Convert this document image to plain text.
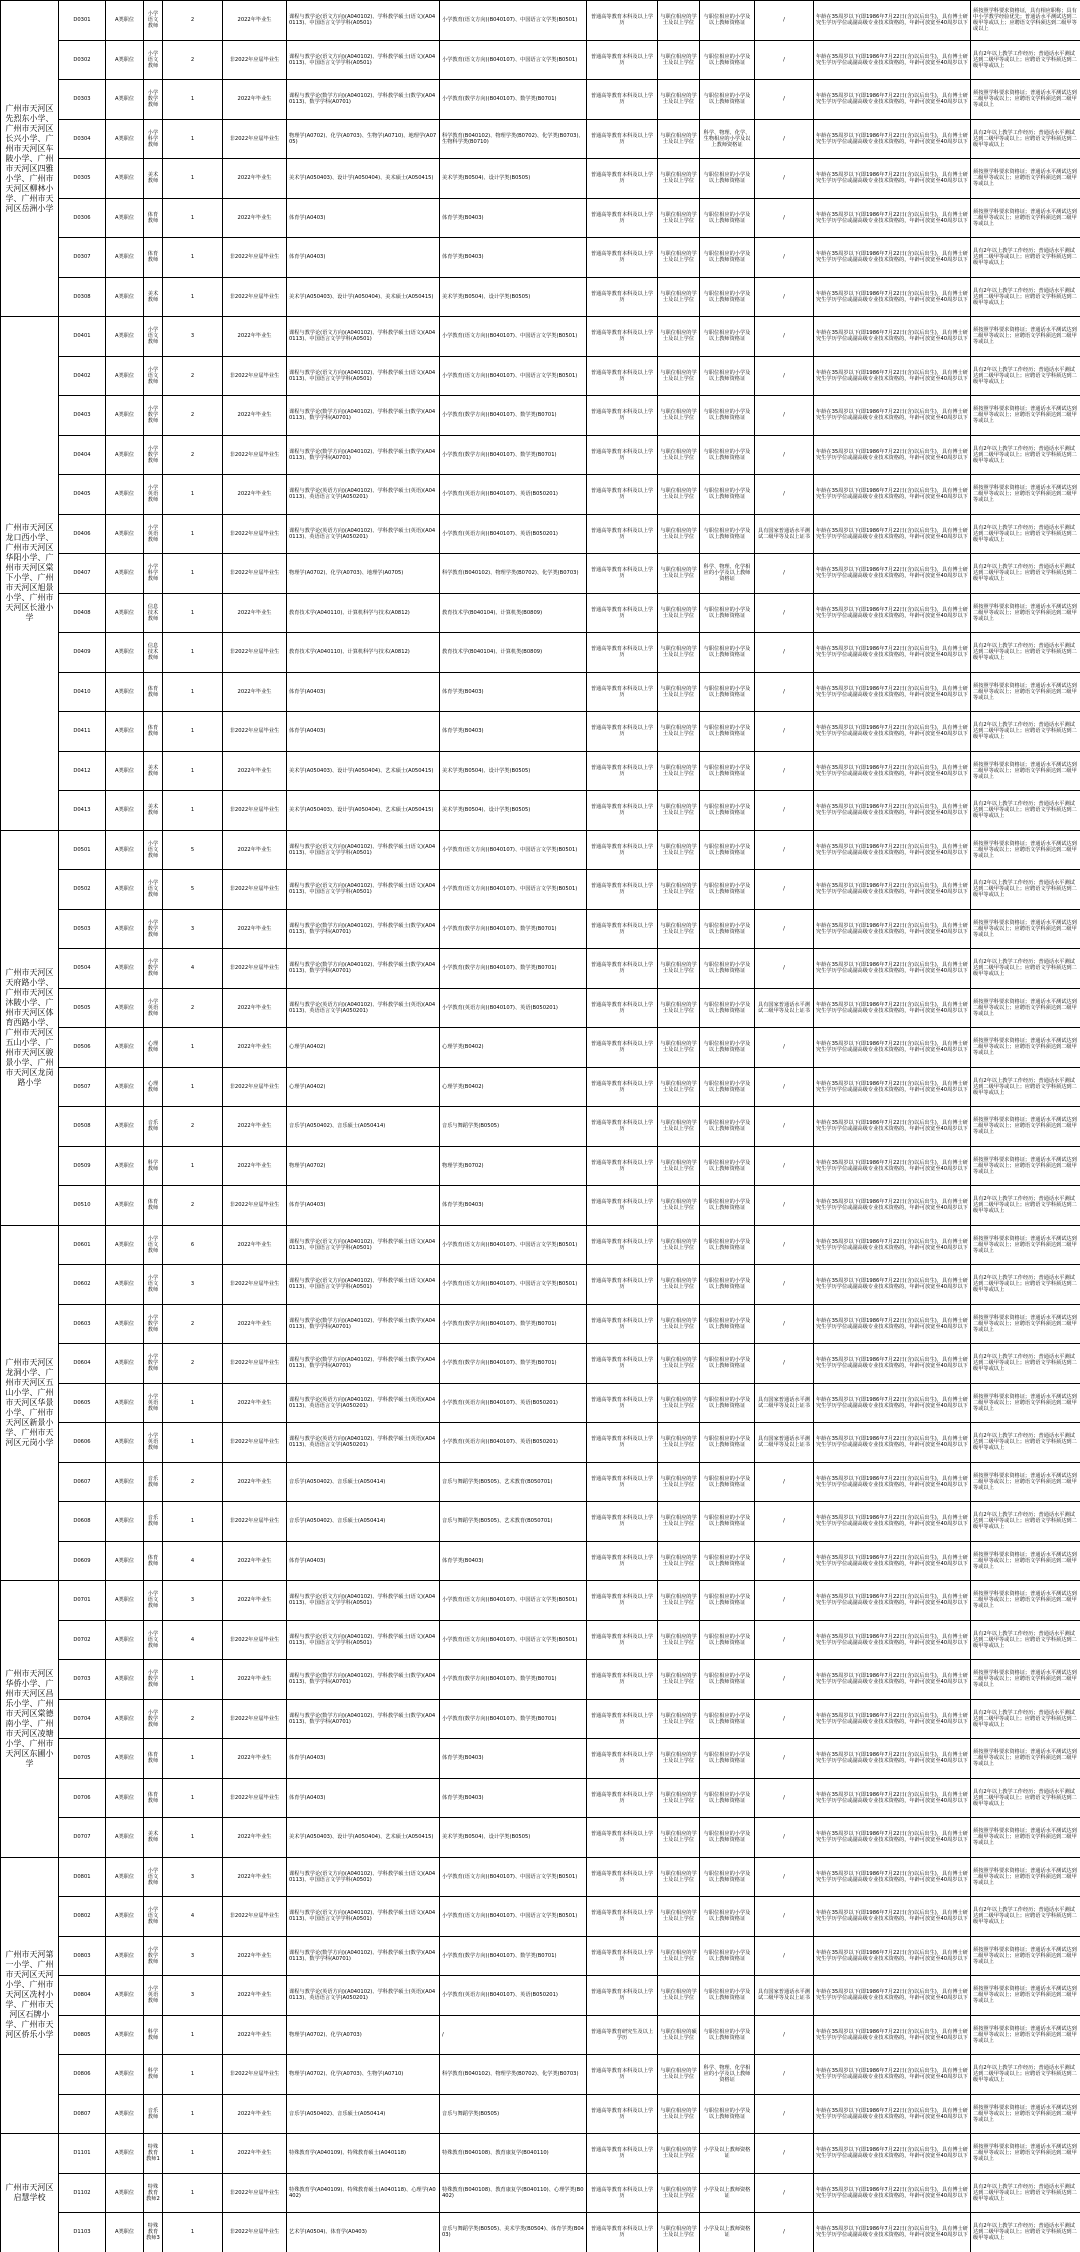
广州市天河区先烈东小学、广州市天河区长兴小学、广州市天河区车陂小学、广州市天河区四雅小学、广州市天河区柳林小学、广州市天河区岳洲小学	D0301	A类职位	小学语文教师	2	2022年毕业生	课程与教学论(语文方向)(A040102)、学科教学硕士(语文)(A040113)、中国语言文学学科(A0501)	小学教育(语文方向)(B040107)、中国语言文学类(B0501)	普通高等教育本科及以上学历	与职位相应的学士及以上学位	与职位相应的小学及以上教师资格证	/	年龄在35周岁以下(即1986年7月22日(含)以后出生)，具有博士研究生学历学位或副高级专业技术资格的，年龄可放宽至40周岁以下	须按照学科要求资格证，具有相应职称；具有中小学教学经验优先；普通话水平测试达到二级甲等或以上；应聘语文学科须达到二级甲等或以上
	D0302	A类职位	小学语文教师	2	非2022年应届毕业生	课程与教学论(语文方向)(A040102)、学科教学硕士(语文)(A040113)、中国语言文学学科(A0501)	小学教育(语文方向)(B040107)、中国语言文学类(B0501)	普通高等教育本科及以上学历	与职位相应的学士及以上学位	与职位相应的小学及以上教师资格证	/	年龄在35周岁以下(即1986年7月22日(含)以后出生)，具有博士研究生学历学位或副高级专业技术资格的，年龄可放宽至40周岁以下	具有2年以上教学工作经历；普通话水平测试达到二级甲等或以上；应聘语文学科须达到二级甲等或以上
	D0303	A类职位	小学数学教师	1	2022年毕业生	课程与教学论(数学方向)(A040102)、学科教学硕士(数学)(A040113)、数学学科(A0701)	小学教育(数学方向)(B040107)、数学类(B0701)	普通高等教育本科及以上学历	与职位相应的学士及以上学位	与职位相应的小学及以上教师资格证	/	年龄在35周岁以下(即1986年7月22日(含)以后出生)，具有博士研究生学历学位或副高级专业技术资格的，年龄可放宽至40周岁以下	须按照学科要求资格证；普通话水平测试达到二级甲等或以上；应聘语文学科须达到二级甲等或以上
	D0304	A类职位	小学科学教师	1	非2022年应届毕业生	物理学(A0702)、化学(A0703)、生物学(A0710)、地理学(A0705)	科学教育(B040102)、物理学类(B0702)、化学类(B0703)、生物科学类(B0710)	普通高等教育本科及以上学历	与职位相应的学士及以上学位	科学、物理、化学、生物相应的小学及以上教师资格证	/	年龄在35周岁以下(即1986年7月22日(含)以后出生)，具有博士研究生学历学位或副高级专业技术资格的，年龄可放宽至40周岁以下	具有2年以上教学工作经历；普通话水平测试达到二级甲等或以上；应聘语文学科须达到二级甲等或以上
	D0305	A类职位	美术教师	1	2022年毕业生	美术学(A050403)、设计学(A050404)、美术硕士(A050415)	美术学类(B0504)、设计学类(B0505)	普通高等教育本科及以上学历	与职位相应的学士及以上学位	与职位相应的小学及以上教师资格证	/	年龄在35周岁以下(即1986年7月22日(含)以后出生)，具有博士研究生学历学位或副高级专业技术资格的，年龄可放宽至40周岁以下	须按照学科要求资格证；普通话水平测试达到二级甲等或以上；应聘语文学科须达到二级甲等或以上
	D0306	A类职位	体育教师	1	2022年毕业生	体育学(A0403)	体育学类(B0403)	普通高等教育本科及以上学历	与职位相应的学士及以上学位	与职位相应的小学及以上教师资格证	/	年龄在35周岁以下(即1986年7月22日(含)以后出生)，具有博士研究生学历学位或副高级专业技术资格的，年龄可放宽至40周岁以下	须按照学科要求资格证；普通话水平测试达到二级甲等或以上；应聘语文学科须达到二级甲等或以上
	D0307	A类职位	体育教师	1	非2022年应届毕业生	体育学(A0403)	体育学类(B0403)	普通高等教育本科及以上学历	与职位相应的学士及以上学位	与职位相应的小学及以上教师资格证	/	年龄在35周岁以下(即1986年7月22日(含)以后出生)，具有博士研究生学历学位或副高级专业技术资格的，年龄可放宽至40周岁以下	具有2年以上教学工作经历；普通话水平测试达到二级甲等或以上；应聘语文学科须达到二级甲等或以上
	D0308	A类职位	美术教师	1	非2022年应届毕业生	美术学(A050403)、设计学(A050404)、美术硕士(A050415)	美术学类(B0504)、设计学类(B0505)	普通高等教育本科及以上学历	与职位相应的学士及以上学位	与职位相应的小学及以上教师资格证	/	年龄在35周岁以下(即1986年7月22日(含)以后出生)，具有博士研究生学历学位或副高级专业技术资格的，年龄可放宽至40周岁以下	具有2年以上教学工作经历；普通话水平测试达到二级甲等或以上；应聘语文学科须达到二级甲等或以上
广州市天河区龙口西小学、广州市天河区华阳小学、广州市天河区棠下小学、广州市天河区旭景小学、广州市天河区长湴小学	D0401	A类职位	小学语文教师	3	2022年毕业生	课程与教学论(语文方向)(A040102)、学科教学硕士(语文)(A040113)、中国语言文学学科(A0501)	小学教育(语文方向)(B040107)、中国语言文学类(B0501)	普通高等教育本科及以上学历	与职位相应的学士及以上学位	与职位相应的小学及以上教师资格证	/	年龄在35周岁以下(即1986年7月22日(含)以后出生)，具有博士研究生学历学位或副高级专业技术资格的，年龄可放宽至40周岁以下	须按照学科要求资格证；普通话水平测试达到二级甲等或以上；应聘语文学科须达到二级甲等或以上
	D0402	A类职位	小学语文教师	2	非2022年应届毕业生	课程与教学论(语文方向)(A040102)、学科教学硕士(语文)(A040113)、中国语言文学学科(A0501)	小学教育(语文方向)(B040107)、中国语言文学类(B0501)	普通高等教育本科及以上学历	与职位相应的学士及以上学位	与职位相应的小学及以上教师资格证	/	年龄在35周岁以下(即1986年7月22日(含)以后出生)，具有博士研究生学历学位或副高级专业技术资格的，年龄可放宽至40周岁以下	具有2年以上教学工作经历；普通话水平测试达到二级甲等或以上；应聘语文学科须达到二级甲等或以上
	D0403	A类职位	小学数学教师	2	2022年毕业生	课程与教学论(数学方向)(A040102)、学科教学硕士(数学)(A040113)、数学学科(A0701)	小学教育(数学方向)(B040107)、数学类(B0701)	普通高等教育本科及以上学历	与职位相应的学士及以上学位	与职位相应的小学及以上教师资格证	/	年龄在35周岁以下(即1986年7月22日(含)以后出生)，具有博士研究生学历学位或副高级专业技术资格的，年龄可放宽至40周岁以下	须按照学科要求资格证；普通话水平测试达到二级甲等或以上；应聘语文学科须达到二级甲等或以上
	D0404	A类职位	小学数学教师	2	非2022年应届毕业生	课程与教学论(数学方向)(A040102)、学科教学硕士(数学)(A040113)、数学学科(A0701)	小学教育(数学方向)(B040107)、数学类(B0701)	普通高等教育本科及以上学历	与职位相应的学士及以上学位	与职位相应的小学及以上教师资格证	/	年龄在35周岁以下(即1986年7月22日(含)以后出生)，具有博士研究生学历学位或副高级专业技术资格的，年龄可放宽至40周岁以下	具有2年以上教学工作经历；普通话水平测试达到二级甲等或以上；应聘语文学科须达到二级甲等或以上
	D0405	A类职位	小学英语教师	1	2022年毕业生	课程与教学论(英语方向)(A040102)、学科教学硕士(英语)(A040113)、英语语言文学(A050201)	小学教育(英语方向)(B040107)、英语(B050201)	普通高等教育本科及以上学历	与职位相应的学士及以上学位	与职位相应的小学及以上教师资格证	/	年龄在35周岁以下(即1986年7月22日(含)以后出生)，具有博士研究生学历学位或副高级专业技术资格的，年龄可放宽至40周岁以下	须按照学科要求资格证；普通话水平测试达到二级甲等或以上；应聘语文学科须达到二级甲等或以上
	D0406	A类职位	小学英语教师	1	非2022年应届毕业生	课程与教学论(英语方向)(A040102)、学科教学硕士(英语)(A040113)、英语语言文学(A050201)	小学教育(英语方向)(B040107)、英语(B050201)	普通高等教育本科及以上学历	与职位相应的学士及以上学位	与职位相应的小学及以上教师资格证	具有国家普通话水平测试二级甲等及以上证书	年龄在35周岁以下(即1986年7月22日(含)以后出生)，具有博士研究生学历学位或副高级专业技术资格的，年龄可放宽至40周岁以下	具有2年以上教学工作经历；普通话水平测试达到二级甲等或以上；应聘语文学科须达到二级甲等或以上
	D0407	A类职位	小学科学教师	1	非2022年应届毕业生	物理学(A0702)、化学(A0703)、地理学(A0705)	科学教育(B040102)、物理学类(B0702)、化学类(B0703)	普通高等教育本科及以上学历	与职位相应的学士及以上学位	科学、物理、化学相应的小学及以上教师资格证	/	年龄在35周岁以下(即1986年7月22日(含)以后出生)，具有博士研究生学历学位或副高级专业技术资格的，年龄可放宽至40周岁以下	具有2年以上教学工作经历；普通话水平测试达到二级甲等或以上；应聘语文学科须达到二级甲等或以上
	D0408	A类职位	信息技术教师	1	2022年毕业生	教育技术学(A040110)、计算机科学与技术(A0812)	教育技术学(B040104)、计算机类(B0809)	普通高等教育本科及以上学历	与职位相应的学士及以上学位	与职位相应的小学及以上教师资格证	/	年龄在35周岁以下(即1986年7月22日(含)以后出生)，具有博士研究生学历学位或副高级专业技术资格的，年龄可放宽至40周岁以下	须按照学科要求资格证；普通话水平测试达到二级甲等或以上；应聘语文学科须达到二级甲等或以上
	D0409	A类职位	信息技术教师	1	非2022年应届毕业生	教育技术学(A040110)、计算机科学与技术(A0812)	教育技术学(B040104)、计算机类(B0809)	普通高等教育本科及以上学历	与职位相应的学士及以上学位	与职位相应的小学及以上教师资格证	/	年龄在35周岁以下(即1986年7月22日(含)以后出生)，具有博士研究生学历学位或副高级专业技术资格的，年龄可放宽至40周岁以下	具有2年以上教学工作经历；普通话水平测试达到二级甲等或以上；应聘语文学科须达到二级甲等或以上
	D0410	A类职位	体育教师	1	2022年毕业生	体育学(A0403)	体育学类(B0403)	普通高等教育本科及以上学历	与职位相应的学士及以上学位	与职位相应的小学及以上教师资格证	/	年龄在35周岁以下(即1986年7月22日(含)以后出生)，具有博士研究生学历学位或副高级专业技术资格的，年龄可放宽至40周岁以下	须按照学科要求资格证；普通话水平测试达到二级甲等或以上；应聘语文学科须达到二级甲等或以上
	D0411	A类职位	体育教师	1	非2022年应届毕业生	体育学(A0403)	体育学类(B0403)	普通高等教育本科及以上学历	与职位相应的学士及以上学位	与职位相应的小学及以上教师资格证	/	年龄在35周岁以下(即1986年7月22日(含)以后出生)，具有博士研究生学历学位或副高级专业技术资格的，年龄可放宽至40周岁以下	具有2年以上教学工作经历；普通话水平测试达到二级甲等或以上；应聘语文学科须达到二级甲等或以上
	D0412	A类职位	美术教师	1	2022年毕业生	美术学(A050403)、设计学(A050404)、艺术硕士(A050415)	美术学类(B0504)、设计学类(B0505)	普通高等教育本科及以上学历	与职位相应的学士及以上学位	与职位相应的小学及以上教师资格证	/	年龄在35周岁以下(即1986年7月22日(含)以后出生)，具有博士研究生学历学位或副高级专业技术资格的，年龄可放宽至40周岁以下	须按照学科要求资格证；普通话水平测试达到二级甲等或以上；应聘语文学科须达到二级甲等或以上
	D0413	A类职位	美术教师	1	非2022年应届毕业生	美术学(A050403)、设计学(A050404)、艺术硕士(A050415)	美术学类(B0504)、设计学类(B0505)	普通高等教育本科及以上学历	与职位相应的学士及以上学位	与职位相应的小学及以上教师资格证	/	年龄在35周岁以下(即1986年7月22日(含)以后出生)，具有博士研究生学历学位或副高级专业技术资格的，年龄可放宽至40周岁以下	具有2年以上教学工作经历；普通话水平测试达到二级甲等或以上；应聘语文学科须达到二级甲等或以上
广州市天河区天府路小学、广州市天河区沐陂小学、广州市天河区体育西路小学、广州市天河区五山小学、广州市天河区骏景小学、广州市天河区龙岗路小学	D0501	A类职位	小学语文教师	5	2022年毕业生	课程与教学论(语文方向)(A040102)、学科教学硕士(语文)(A040113)、中国语言文学学科(A0501)	小学教育(语文方向)(B040107)、中国语言文学类(B0501)	普通高等教育本科及以上学历	与职位相应的学士及以上学位	与职位相应的小学及以上教师资格证	/	年龄在35周岁以下(即1986年7月22日(含)以后出生)，具有博士研究生学历学位或副高级专业技术资格的，年龄可放宽至40周岁以下	须按照学科要求资格证；普通话水平测试达到二级甲等或以上；应聘语文学科须达到二级甲等或以上
	D0502	A类职位	小学语文教师	5	非2022年应届毕业生	课程与教学论(语文方向)(A040102)、学科教学硕士(语文)(A040113)、中国语言文学学科(A0501)	小学教育(语文方向)(B040107)、中国语言文学类(B0501)	普通高等教育本科及以上学历	与职位相应的学士及以上学位	与职位相应的小学及以上教师资格证	/	年龄在35周岁以下(即1986年7月22日(含)以后出生)，具有博士研究生学历学位或副高级专业技术资格的，年龄可放宽至40周岁以下	具有2年以上教学工作经历；普通话水平测试达到二级甲等或以上；应聘语文学科须达到二级甲等或以上
	D0503	A类职位	小学数学教师	3	2022年毕业生	课程与教学论(数学方向)(A040102)、学科教学硕士(数学)(A040113)、数学学科(A0701)	小学教育(数学方向)(B040107)、数学类(B0701)	普通高等教育本科及以上学历	与职位相应的学士及以上学位	与职位相应的小学及以上教师资格证	/	年龄在35周岁以下(即1986年7月22日(含)以后出生)，具有博士研究生学历学位或副高级专业技术资格的，年龄可放宽至40周岁以下	须按照学科要求资格证；普通话水平测试达到二级甲等或以上；应聘语文学科须达到二级甲等或以上
	D0504	A类职位	小学数学教师	4	非2022年应届毕业生	课程与教学论(数学方向)(A040102)、学科教学硕士(数学)(A040113)、数学学科(A0701)	小学教育(数学方向)(B040107)、数学类(B0701)	普通高等教育本科及以上学历	与职位相应的学士及以上学位	与职位相应的小学及以上教师资格证	/	年龄在35周岁以下(即1986年7月22日(含)以后出生)，具有博士研究生学历学位或副高级专业技术资格的，年龄可放宽至40周岁以下	具有2年以上教学工作经历；普通话水平测试达到二级甲等或以上；应聘语文学科须达到二级甲等或以上
	D0505	A类职位	小学英语教师	2	2022年毕业生	课程与教学论(英语方向)(A040102)、学科教学硕士(英语)(A040113)、英语语言文学(A050201)	小学教育(英语方向)(B040107)、英语(B050201)	普通高等教育本科及以上学历	与职位相应的学士及以上学位	与职位相应的小学及以上教师资格证	具有国家普通话水平测试二级甲等及以上证书	年龄在35周岁以下(即1986年7月22日(含)以后出生)，具有博士研究生学历学位或副高级专业技术资格的，年龄可放宽至40周岁以下	须按照学科要求资格证；普通话水平测试达到二级甲等或以上；应聘语文学科须达到二级甲等或以上
	D0506	A类职位	心理教师	1	2022年毕业生	心理学(A0402)	心理学类(B0402)	普通高等教育本科及以上学历	与职位相应的学士及以上学位	与职位相应的小学及以上教师资格证	/	年龄在35周岁以下(即1986年7月22日(含)以后出生)，具有博士研究生学历学位或副高级专业技术资格的，年龄可放宽至40周岁以下	须按照学科要求资格证；普通话水平测试达到二级甲等或以上；应聘语文学科须达到二级甲等或以上
	D0507	A类职位	心理教师	1	非2022年应届毕业生	心理学(A0402)	心理学类(B0402)	普通高等教育本科及以上学历	与职位相应的学士及以上学位	与职位相应的小学及以上教师资格证	/	年龄在35周岁以下(即1986年7月22日(含)以后出生)，具有博士研究生学历学位或副高级专业技术资格的，年龄可放宽至40周岁以下	具有2年以上教学工作经历；普通话水平测试达到二级甲等或以上；应聘语文学科须达到二级甲等或以上
	D0508	A类职位	音乐教师	2	2022年毕业生	音乐学(A050402)、音乐硕士(A050414)	音乐与舞蹈学类(B0505)	普通高等教育本科及以上学历	与职位相应的学士及以上学位	与职位相应的小学及以上教师资格证	/	年龄在35周岁以下(即1986年7月22日(含)以后出生)，具有博士研究生学历学位或副高级专业技术资格的，年龄可放宽至40周岁以下	须按照学科要求资格证；普通话水平测试达到二级甲等或以上；应聘语文学科须达到二级甲等或以上
	D0509	A类职位	科学教师	1	2022年毕业生	物理学(A0702)	物理学类(B0702)	普通高等教育本科及以上学历	与职位相应的学士及以上学位	与职位相应的小学及以上教师资格证	/	年龄在35周岁以下(即1986年7月22日(含)以后出生)，具有博士研究生学历学位或副高级专业技术资格的，年龄可放宽至40周岁以下	须按照学科要求资格证；普通话水平测试达到二级甲等或以上；应聘语文学科须达到二级甲等或以上
	D0510	A类职位	体育教师	2	非2022年应届毕业生	体育学(A0403)	体育学类(B0403)	普通高等教育本科及以上学历	与职位相应的学士及以上学位	与职位相应的小学及以上教师资格证	/	年龄在35周岁以下(即1986年7月22日(含)以后出生)，具有博士研究生学历学位或副高级专业技术资格的，年龄可放宽至40周岁以下	具有2年以上教学工作经历；普通话水平测试达到二级甲等或以上；应聘语文学科须达到二级甲等或以上
广州市天河区龙洞小学、广州市天河区五山小学、广州市天河区华景小学、广州市天河区新景小学、广州市天河区元岗小学	D0601	A类职位	小学语文教师	6	2022年毕业生	课程与教学论(语文方向)(A040102)、学科教学硕士(语文)(A040113)、中国语言文学学科(A0501)	小学教育(语文方向)(B040107)、中国语言文学类(B0501)	普通高等教育本科及以上学历	与职位相应的学士及以上学位	与职位相应的小学及以上教师资格证	/	年龄在35周岁以下(即1986年7月22日(含)以后出生)，具有博士研究生学历学位或副高级专业技术资格的，年龄可放宽至40周岁以下	须按照学科要求资格证；普通话水平测试达到二级甲等或以上；应聘语文学科须达到二级甲等或以上
	D0602	A类职位	小学语文教师	3	非2022年应届毕业生	课程与教学论(语文方向)(A040102)、学科教学硕士(语文)(A040113)、中国语言文学学科(A0501)	小学教育(语文方向)(B040107)、中国语言文学类(B0501)	普通高等教育本科及以上学历	与职位相应的学士及以上学位	与职位相应的小学及以上教师资格证	/	年龄在35周岁以下(即1986年7月22日(含)以后出生)，具有博士研究生学历学位或副高级专业技术资格的，年龄可放宽至40周岁以下	具有2年以上教学工作经历；普通话水平测试达到二级甲等或以上；应聘语文学科须达到二级甲等或以上
	D0603	A类职位	小学数学教师	2	2022年毕业生	课程与教学论(数学方向)(A040102)、学科教学硕士(数学)(A040113)、数学学科(A0701)	小学教育(数学方向)(B040107)、数学类(B0701)	普通高等教育本科及以上学历	与职位相应的学士及以上学位	与职位相应的小学及以上教师资格证	/	年龄在35周岁以下(即1986年7月22日(含)以后出生)，具有博士研究生学历学位或副高级专业技术资格的，年龄可放宽至40周岁以下	须按照学科要求资格证；普通话水平测试达到二级甲等或以上；应聘语文学科须达到二级甲等或以上
	D0604	A类职位	小学数学教师	2	非2022年应届毕业生	课程与教学论(数学方向)(A040102)、学科教学硕士(数学)(A040113)、数学学科(A0701)	小学教育(数学方向)(B040107)、数学类(B0701)	普通高等教育本科及以上学历	与职位相应的学士及以上学位	与职位相应的小学及以上教师资格证	/	年龄在35周岁以下(即1986年7月22日(含)以后出生)，具有博士研究生学历学位或副高级专业技术资格的，年龄可放宽至40周岁以下	具有2年以上教学工作经历；普通话水平测试达到二级甲等或以上；应聘语文学科须达到二级甲等或以上
	D0605	A类职位	小学英语教师	1	2022年毕业生	课程与教学论(英语方向)(A040102)、学科教学硕士(英语)(A040113)、英语语言文学(A050201)	小学教育(英语方向)(B040107)、英语(B050201)	普通高等教育本科及以上学历	与职位相应的学士及以上学位	与职位相应的小学及以上教师资格证	具有国家普通话水平测试二级甲等及以上证书	年龄在35周岁以下(即1986年7月22日(含)以后出生)，具有博士研究生学历学位或副高级专业技术资格的，年龄可放宽至40周岁以下	须按照学科要求资格证；普通话水平测试达到二级甲等或以上；应聘语文学科须达到二级甲等或以上
	D0606	A类职位	小学英语教师	1	非2022年应届毕业生	课程与教学论(英语方向)(A040102)、学科教学硕士(英语)(A040113)、英语语言文学(A050201)	小学教育(英语方向)(B040107)、英语(B050201)	普通高等教育本科及以上学历	与职位相应的学士及以上学位	与职位相应的小学及以上教师资格证	具有国家普通话水平测试二级甲等及以上证书	年龄在35周岁以下(即1986年7月22日(含)以后出生)，具有博士研究生学历学位或副高级专业技术资格的，年龄可放宽至40周岁以下	具有2年以上教学工作经历；普通话水平测试达到二级甲等或以上；应聘语文学科须达到二级甲等或以上
	D0607	A类职位	音乐教师	2	2022年毕业生	音乐学(A050402)、音乐硕士(A050414)	音乐与舞蹈学类(B0505)、艺术教育(B050701)	普通高等教育本科及以上学历	与职位相应的学士及以上学位	与职位相应的小学及以上教师资格证	/	年龄在35周岁以下(即1986年7月22日(含)以后出生)，具有博士研究生学历学位或副高级专业技术资格的，年龄可放宽至40周岁以下	须按照学科要求资格证；普通话水平测试达到二级甲等或以上；应聘语文学科须达到二级甲等或以上
	D0608	A类职位	音乐教师	1	非2022年应届毕业生	音乐学(A050402)、音乐硕士(A050414)	音乐与舞蹈学类(B0505)、艺术教育(B050701)	普通高等教育本科及以上学历	与职位相应的学士及以上学位	与职位相应的小学及以上教师资格证	/	年龄在35周岁以下(即1986年7月22日(含)以后出生)，具有博士研究生学历学位或副高级专业技术资格的，年龄可放宽至40周岁以下	具有2年以上教学工作经历；普通话水平测试达到二级甲等或以上；应聘语文学科须达到二级甲等或以上
	D0609	A类职位	体育教师	4	2022年毕业生	体育学(A0403)	体育学类(B0403)	普通高等教育本科及以上学历	与职位相应的学士及以上学位	与职位相应的小学及以上教师资格证	/	年龄在35周岁以下(即1986年7月22日(含)以后出生)，具有博士研究生学历学位或副高级专业技术资格的，年龄可放宽至40周岁以下	须按照学科要求资格证；普通话水平测试达到二级甲等或以上；应聘语文学科须达到二级甲等或以上
广州市天河区华侨小学、广州市天河区昌乐小学、广州市天河区棠德南小学、广州市天河区凌塘小学、广州市天河区东圃小学	D0701	A类职位	小学语文教师	3	2022年毕业生	课程与教学论(语文方向)(A040102)、学科教学硕士(语文)(A040113)、中国语言文学学科(A0501)	小学教育(语文方向)(B040107)、中国语言文学类(B0501)	普通高等教育本科及以上学历	与职位相应的学士及以上学位	与职位相应的小学及以上教师资格证	/	年龄在35周岁以下(即1986年7月22日(含)以后出生)，具有博士研究生学历学位或副高级专业技术资格的，年龄可放宽至40周岁以下	须按照学科要求资格证；普通话水平测试达到二级甲等或以上；应聘语文学科须达到二级甲等或以上
	D0702	A类职位	小学语文教师	4	非2022年应届毕业生	课程与教学论(语文方向)(A040102)、学科教学硕士(语文)(A040113)、中国语言文学学科(A0501)	小学教育(语文方向)(B040107)、中国语言文学类(B0501)	普通高等教育本科及以上学历	与职位相应的学士及以上学位	与职位相应的小学及以上教师资格证	/	年龄在35周岁以下(即1986年7月22日(含)以后出生)，具有博士研究生学历学位或副高级专业技术资格的，年龄可放宽至40周岁以下	具有2年以上教学工作经历；普通话水平测试达到二级甲等或以上；应聘语文学科须达到二级甲等或以上
	D0703	A类职位	小学数学教师	1	2022年毕业生	课程与教学论(数学方向)(A040102)、学科教学硕士(数学)(A040113)、数学学科(A0701)	小学教育(数学方向)(B040107)、数学类(B0701)	普通高等教育本科及以上学历	与职位相应的学士及以上学位	与职位相应的小学及以上教师资格证	/	年龄在35周岁以下(即1986年7月22日(含)以后出生)，具有博士研究生学历学位或副高级专业技术资格的，年龄可放宽至40周岁以下	须按照学科要求资格证；普通话水平测试达到二级甲等或以上；应聘语文学科须达到二级甲等或以上
	D0704	A类职位	小学数学教师	2	非2022年应届毕业生	课程与教学论(数学方向)(A040102)、学科教学硕士(数学)(A040113)、数学学科(A0701)	小学教育(数学方向)(B040107)、数学类(B0701)	普通高等教育本科及以上学历	与职位相应的学士及以上学位	与职位相应的小学及以上教师资格证	/	年龄在35周岁以下(即1986年7月22日(含)以后出生)，具有博士研究生学历学位或副高级专业技术资格的，年龄可放宽至40周岁以下	具有2年以上教学工作经历；普通话水平测试达到二级甲等或以上；应聘语文学科须达到二级甲等或以上
	D0705	A类职位	体育教师	1	2022年毕业生	体育学(A0403)	体育学类(B0403)	普通高等教育本科及以上学历	与职位相应的学士及以上学位	与职位相应的小学及以上教师资格证	/	年龄在35周岁以下(即1986年7月22日(含)以后出生)，具有博士研究生学历学位或副高级专业技术资格的，年龄可放宽至40周岁以下	须按照学科要求资格证；普通话水平测试达到二级甲等或以上；应聘语文学科须达到二级甲等或以上
	D0706	A类职位	体育教师	1	非2022年应届毕业生	体育学(A0403)	体育学类(B0403)	普通高等教育本科及以上学历	与职位相应的学士及以上学位	与职位相应的小学及以上教师资格证	/	年龄在35周岁以下(即1986年7月22日(含)以后出生)，具有博士研究生学历学位或副高级专业技术资格的，年龄可放宽至40周岁以下	具有2年以上教学工作经历；普通话水平测试达到二级甲等或以上；应聘语文学科须达到二级甲等或以上
	D0707	A类职位	美术教师	1	2022年毕业生	美术学(A050403)、设计学(A050404)、艺术硕士(A050415)	美术学类(B0504)、设计学类(B0505)	普通高等教育本科及以上学历	与职位相应的学士及以上学位	与职位相应的小学及以上教师资格证	/	年龄在35周岁以下(即1986年7月22日(含)以后出生)，具有博士研究生学历学位或副高级专业技术资格的，年龄可放宽至40周岁以下	须按照学科要求资格证；普通话水平测试达到二级甲等或以上；应聘语文学科须达到二级甲等或以上
广州市天河第一小学、广州市天河区天河小学、广州市天河区冼村小学、广州市天河区石牌小学、广州市天河区侨乐小学	D0801	A类职位	小学语文教师	3	2022年毕业生	课程与教学论(语文方向)(A040102)、学科教学硕士(语文)(A040113)、中国语言文学学科(A0501)	小学教育(语文方向)(B040107)、中国语言文学类(B0501)	普通高等教育本科及以上学历	与职位相应的学士及以上学位	与职位相应的小学及以上教师资格证	/	年龄在35周岁以下(即1986年7月22日(含)以后出生)，具有博士研究生学历学位或副高级专业技术资格的，年龄可放宽至40周岁以下	须按照学科要求资格证；普通话水平测试达到二级甲等或以上；应聘语文学科须达到二级甲等或以上
	D0802	A类职位	小学语文教师	4	非2022年应届毕业生	课程与教学论(语文方向)(A040102)、学科教学硕士(语文)(A040113)、中国语言文学学科(A0501)	小学教育(语文方向)(B040107)、中国语言文学类(B0501)	普通高等教育本科及以上学历	与职位相应的学士及以上学位	与职位相应的小学及以上教师资格证	/	年龄在35周岁以下(即1986年7月22日(含)以后出生)，具有博士研究生学历学位或副高级专业技术资格的，年龄可放宽至40周岁以下	具有2年以上教学工作经历；普通话水平测试达到二级甲等或以上；应聘语文学科须达到二级甲等或以上
	D0803	A类职位	小学数学教师	3	2022年毕业生	课程与教学论(数学方向)(A040102)、学科教学硕士(数学)(A040113)、数学学科(A0701)	小学教育(数学方向)(B040107)、数学类(B0701)	普通高等教育本科及以上学历	与职位相应的学士及以上学位	与职位相应的小学及以上教师资格证	/	年龄在35周岁以下(即1986年7月22日(含)以后出生)，具有博士研究生学历学位或副高级专业技术资格的，年龄可放宽至40周岁以下	须按照学科要求资格证；普通话水平测试达到二级甲等或以上；应聘语文学科须达到二级甲等或以上
	D0804	A类职位	小学英语教师	3	2022年毕业生	课程与教学论(英语方向)(A040102)、学科教学硕士(英语)(A040113)、英语语言文学(A050201)	小学教育(英语方向)(B040107)、英语(B050201)	普通高等教育本科及以上学历	与职位相应的学士及以上学位	与职位相应的小学及以上教师资格证	具有国家普通话水平测试二级甲等及以上证书	年龄在35周岁以下(即1986年7月22日(含)以后出生)，具有博士研究生学历学位或副高级专业技术资格的，年龄可放宽至40周岁以下	须按照学科要求资格证；普通话水平测试达到二级甲等或以上；应聘语文学科须达到二级甲等或以上
	D0805	A类职位	科学教师	1	2022年毕业生	物理学(A0702)、化学(A0703)	/	普通高等教育研究生及以上学历	与职位相应的硕士及以上学位	与职位相应的小学及以上教师资格证	/	年龄在35周岁以下(即1986年7月22日(含)以后出生)，具有博士研究生学历学位或副高级专业技术资格的，年龄可放宽至40周岁以下	须按照学科要求资格证；普通话水平测试达到二级甲等或以上；应聘语文学科须达到二级甲等或以上
	D0806	A类职位	科学教师	1	非2022年应届毕业生	物理学(A0702)、化学(A0703)、生物学(A0710)	科学教育(B040102)、物理学类(B0702)、化学类(B0703)	普通高等教育本科及以上学历	与职位相应的学士及以上学位	科学、物理、化学相应的小学及以上教师资格证	/	年龄在35周岁以下(即1986年7月22日(含)以后出生)，具有博士研究生学历学位或副高级专业技术资格的，年龄可放宽至40周岁以下	具有2年以上教学工作经历；普通话水平测试达到二级甲等或以上；应聘语文学科须达到二级甲等或以上
	D0807	A类职位	音乐教师	1	2022年毕业生	音乐学(A050402)、音乐硕士(A050414)	音乐与舞蹈学类(B0505)	普通高等教育本科及以上学历	与职位相应的学士及以上学位	与职位相应的小学及以上教师资格证	/	年龄在35周岁以下(即1986年7月22日(含)以后出生)，具有博士研究生学历学位或副高级专业技术资格的，年龄可放宽至40周岁以下	须按照学科要求资格证；普通话水平测试达到二级甲等或以上；应聘语文学科须达到二级甲等或以上
广州市天河区启慧学校	D1101	A类职位	特殊教育教师1	1	2022年毕业生	特殊教育学(A040109)、特殊教育硕士(A040118)	特殊教育(B040108)、教育康复学(B040110)	普通高等教育本科及以上学历	与职位相应的学士及以上学位	小学及以上教师资格证	/	年龄在35周岁以下(即1986年7月22日(含)以后出生)，具有博士研究生学历学位或副高级专业技术资格的，年龄可放宽至40周岁以下	须按照学科要求资格证；普通话水平测试达到二级甲等或以上；应聘语文学科须达到二级甲等或以上
	D1102	A类职位	特殊教育教师2	1	非2022年应届毕业生	特殊教育学(A040109)、特殊教育硕士(A040118)、心理学(A0402)	特殊教育(B040108)、教育康复学(B040110)、心理学类(B0402)	普通高等教育本科及以上学历	与职位相应的学士及以上学位	小学及以上教师资格证	/	年龄在35周岁以下(即1986年7月22日(含)以后出生)，具有博士研究生学历学位或副高级专业技术资格的，年龄可放宽至40周岁以下	具有2年以上教学工作经历；普通话水平测试达到二级甲等或以上；应聘语文学科须达到二级甲等或以上
	D1103	A类职位	特殊教育教师3	1	非2022年应届毕业生	艺术学(A0504)、体育学(A0403)	音乐与舞蹈学类(B0505)、美术学类(B0504)、体育学类(B0403)	普通高等教育本科及以上学历	与职位相应的学士及以上学位	小学及以上教师资格证	/	年龄在35周岁以下(即1986年7月22日(含)以后出生)，具有博士研究生学历学位或副高级专业技术资格的，年龄可放宽至40周岁以下	具有2年以上教学工作经历；普通话水平测试达到二级甲等或以上；应聘语文学科须达到二级甲等或以上
